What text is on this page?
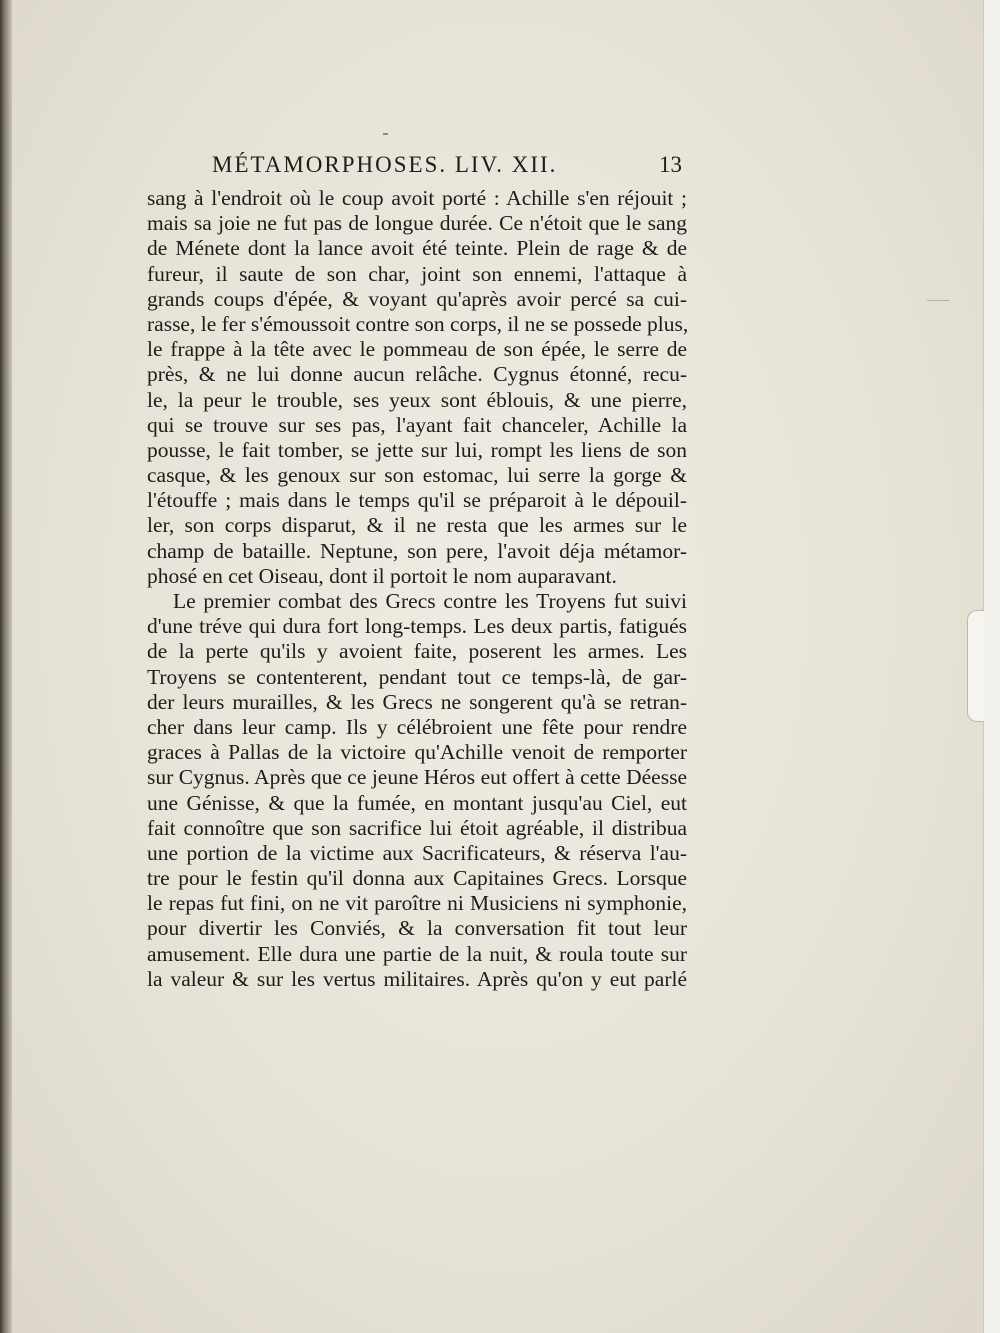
MÉTAMORPHOSES. LIV. XII.	13
sang à l'endroit où le coup avoit porté : Achille s'en réjouit ;
mais sa joie ne fut pas de longue durée. Ce n'étoit que le sang
de Ménete dont la lance avoit été teinte. Plein de rage & de
fureur, il saute de son char, joint son ennemi, l'attaque à
grands coups d'épée, & voyant qu'après avoir percé sa cui-
rasse, le fer s'émoussoit contre son corps, il ne se possede plus,
le frappe à la tête avec le pommeau de son épée, le serre de
près, & ne lui donne aucun relâche. Cygnus étonné, recu-
le, la peur le trouble, ses yeux sont éblouis, & une pierre,
qui se trouve sur ses pas, l'ayant fait chanceler, Achille la
pousse, le fait tomber, se jette sur lui, rompt les liens de son
casque, & les genoux sur son estomac, lui serre la gorge &
l'étouffe ; mais dans le temps qu'il se préparoit à le dépouil-
ler, son corps disparut, & il ne resta que les armes sur le
champ de bataille. Neptune, son pere, l'avoit déja métamor-
phosé en cet Oiseau, dont il portoit le nom auparavant.
Le premier combat des Grecs contre les Troyens fut suivi
d'une tréve qui dura fort long-temps. Les deux partis, fatigués
de la perte qu'ils y avoient faite, poserent les armes. Les
Troyens se contenterent, pendant tout ce temps-là, de gar-
der leurs murailles, & les Grecs ne songerent qu'à se retran-
cher dans leur camp. Ils y célébroient une fête pour rendre
graces à Pallas de la victoire qu'Achille venoit de remporter
sur Cygnus. Après que ce jeune Héros eut offert à cette Déesse
une Génisse, & que la fumée, en montant jusqu'au Ciel, eut
fait connoître que son sacrifice lui étoit agréable, il distribua
une portion de la victime aux Sacrificateurs, & réserva l'au-
tre pour le festin qu'il donna aux Capitaines Grecs. Lorsque
le repas fut fini, on ne vit paroître ni Musiciens ni symphonie,
pour divertir les Conviés, & la conversation fit tout leur
amusement. Elle dura une partie de la nuit, & roula toute sur
la valeur & sur les vertus militaires. Après qu'on y eut parlé
